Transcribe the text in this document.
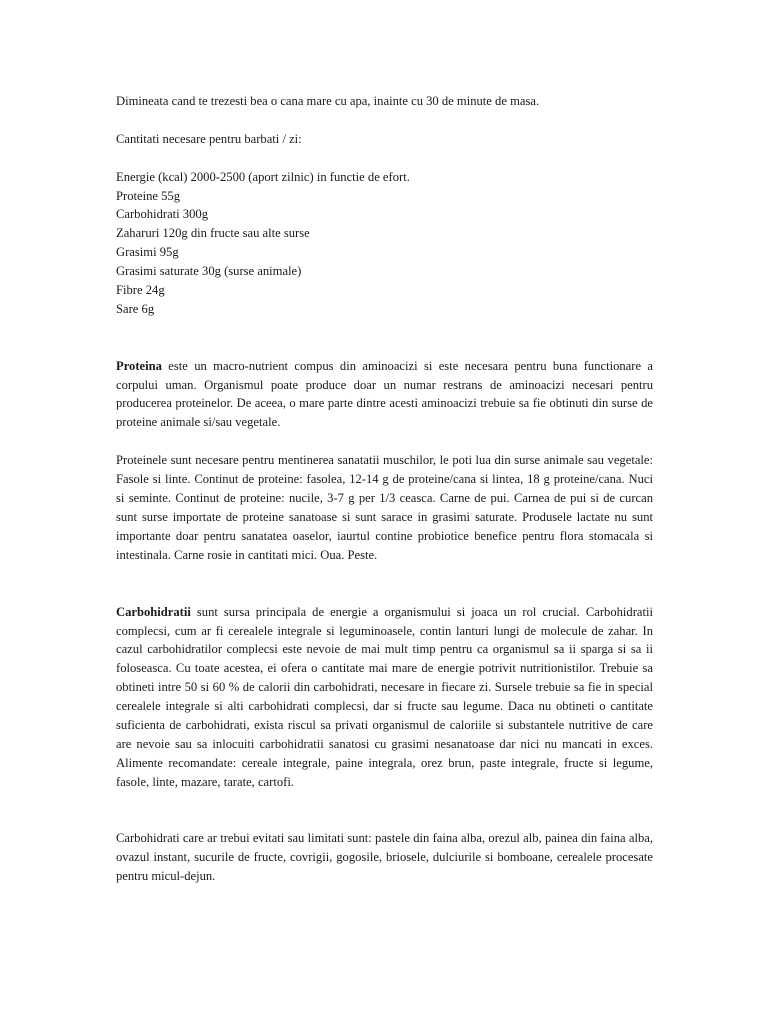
Dimineata cand te trezesti bea o cana mare cu apa, inainte cu 30 de minute de masa.

Cantitati necesare pentru barbati / zi:

Energie (kcal) 2000-2500 (aport zilnic) in functie de efort.
Proteine 55g
Carbohidrati 300g
Zaharuri 120g din fructe sau alte surse
Grasimi 95g
Grasimi saturate 30g (surse animale)
Fibre 24g
Sare 6g

Proteina este un macro-nutrient compus din aminoacizi si este necesara pentru buna functionare a corpului uman. Organismul poate produce doar un numar restrans de aminoacizi necesari pentru producerea proteinelor. De aceea, o mare parte dintre acesti aminoacizi trebuie sa fie obtinuti din surse de proteine animale si/sau vegetale.

Proteinele sunt necesare pentru mentinerea sanatatii muschilor, le poti lua din surse animale sau vegetale: Fasole si linte. Continut de proteine: fasolea, 12-14 g de proteine/cana si lintea, 18 g proteine/cana. Nuci si seminte. Continut de proteine: nucile, 3-7 g per 1/3 ceasca. Carne de pui. Carnea de pui si de curcan sunt surse importate de proteine sanatoase si sunt sarace in grasimi saturate. Produsele lactate nu sunt importante doar pentru sanatatea oaselor, iaurtul contine probiotice benefice pentru flora stomacala si intestinala. Carne rosie in cantitati mici. Oua. Peste.

Carbohidratii sunt sursa principala de energie a organismului si joaca un rol crucial. Carbohidratii complecsi, cum ar fi cerealele integrale si leguminoasele, contin lanturi lungi de molecule de zahar. In cazul carbohidratilor complecsi este nevoie de mai mult timp pentru ca organismul sa ii sparga si sa ii foloseasca. Cu toate acestea, ei ofera o cantitate mai mare de energie potrivit nutritionistilor. Trebuie sa obtineti intre 50 si 60 % de calorii din carbohidrati, necesare in fiecare zi. Sursele trebuie sa fie in special cerealele integrale si alti carbohidrati complecsi, dar si fructe sau legume. Daca nu obtineti o cantitate suficienta de carbohidrati, exista riscul sa privati organismul de caloriile si substantele nutritive de care are nevoie sau sa inlocuiti carbohidratii sanatosi cu grasimi nesanatoase dar nici nu mancati in exces. Alimente recomandate: cereale integrale, paine integrala, orez brun, paste integrale, fructe si legume, fasole, linte, mazare, tarate, cartofi.

Carbohidrati care ar trebui evitati sau limitati sunt: pastele din faina alba, orezul alb, painea din faina alba, ovazul instant, sucurile de fructe, covrigii, gogosile, briosele, dulciurile si bomboane, cerealele procesate pentru micul-dejun.
